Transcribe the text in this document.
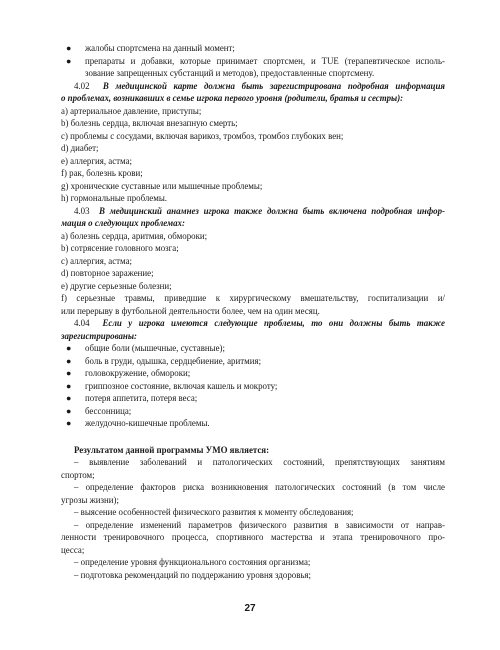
●	жалобы спортсмена на данный момент;
●	препараты и добавки, которые принимает спортсмен, и TUE (терапевтическое исполь-
зование запрещенных субстанций и методов), предоставленные спортсмену.
4.02 В медицинской карте должна быть зарегистрирована подробная информация
о проблемах, возникавших в семье игрока первого уровня (родители, братья и сестры):
a) артериальное давление, приступы;
b) болезнь сердца, включая внезапную смерть;
c) проблемы с сосудами, включая варикоз, тромбоз, тромбоз глубоких вен;
d) диабет;
e) аллергия, астма;
f) рак, болезнь крови;
g) хронические суставные или мышечные проблемы;
h) гормональные проблемы.
4.03 В медицинский анамнез игрока также должна быть включена подробная инфор-
мация о следующих проблемах:
a) болезнь сердца, аритмия, обмороки;
b) сотрясение головного мозга;
c) аллергия, астма;
d) повторное заражение;
e) другие серьезные болезни;
f) серьезные травмы, приведшие к хирургическому вмешательству, госпитализации и/
или перерыву в футбольной деятельности более, чем на один месяц.
4.04 Если у игрока имеются следующие проблемы, то они должны быть также
зарегистрированы:
●	общие боли (мышечные, суставные);
●	боль в груди, одышка, сердцебиение, аритмия;
●	головокружение, обмороки;
●	гриппозное состояние, включая кашель и мокроту;
●	потеря аппетита, потеря веса;
●	бессонница;
●	желудочно-кишечные проблемы.
Результатом данной программы УМО является:
– выявление заболеваний и патологических состояний, препятствующих занятиям
спортом;
– определение факторов риска возникновения патологических состояний (в том числе
угрозы жизни);
– выясение особенностей физического развития к моменту обследования;
– определение изменений параметров физического развития в зависимости от направ-
ленности тренировочного процесса, спортивного мастерства и этапа тренировочного про-
цесса;
– определение уровня функционального состояния организма;
– подготовка рекомендаций по поддержанию уровня здоровья;
27
